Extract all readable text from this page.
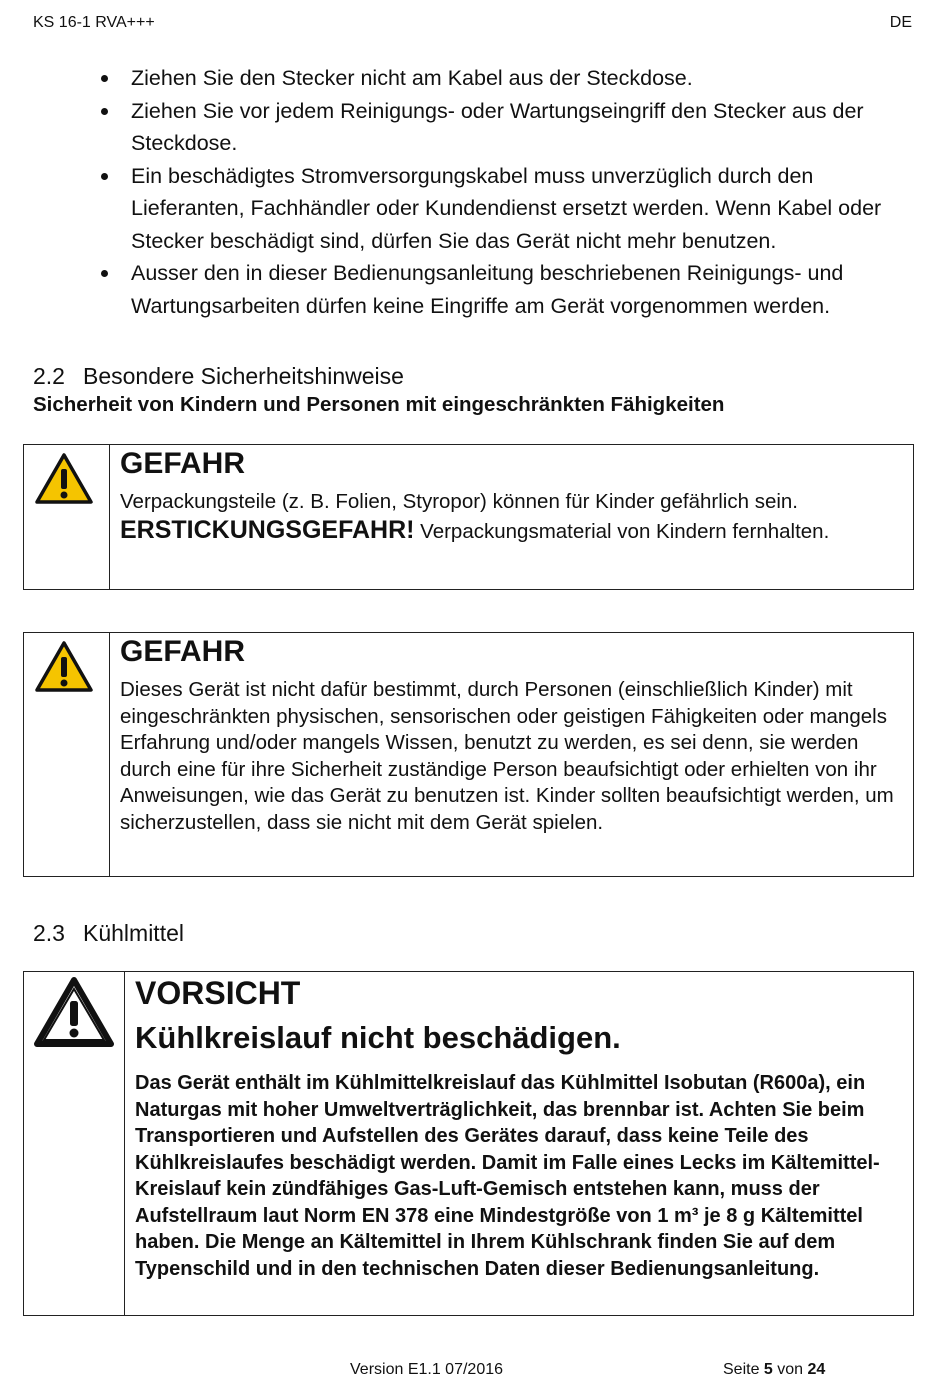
KS 16-1 RVA+++	DE
Ziehen Sie den Stecker nicht am Kabel aus der Steckdose.
Ziehen Sie vor jedem Reinigungs- oder Wartungseingriff den Stecker aus der Steckdose.
Ein beschädigtes Stromversorgungskabel muss unverzüglich durch den Lieferanten, Fachhändler oder Kundendienst ersetzt werden. Wenn Kabel oder Stecker beschädigt sind, dürfen Sie das Gerät nicht mehr benutzen.
Ausser den in dieser Bedienungsanleitung beschriebenen Reinigungs- und Wartungsarbeiten dürfen keine Eingriffe am Gerät vorgenommen werden.
2.2 Besondere Sicherheitshinweise
Sicherheit von Kindern und Personen mit eingeschränkten Fähigkeiten
GEFAHR
Verpackungsteile (z. B. Folien, Styropor) können für Kinder gefährlich sein.
ERSTICKUNGSGEFAHR! Verpackungsmaterial von Kindern fernhalten.
GEFAHR
Dieses Gerät ist nicht dafür bestimmt, durch Personen (einschließlich Kinder) mit eingeschränkten physischen, sensorischen oder geistigen Fähigkeiten oder mangels Erfahrung und/oder mangels Wissen, benutzt zu werden, es sei denn, sie werden durch eine für ihre Sicherheit zuständige Person beaufsichtigt oder erhielten von ihr Anweisungen, wie das Gerät zu benutzen ist. Kinder sollten beaufsichtigt werden, um sicherzustellen, dass sie nicht mit dem Gerät spielen.
2.3 Kühlmittel
VORSICHT
Kühlkreislauf nicht beschädigen.
Das Gerät enthält im Kühlmittelkreislauf das Kühlmittel Isobutan (R600a), ein Naturgas mit hoher Umweltverträglichkeit, das brennbar ist. Achten Sie beim Transportieren und Aufstellen des Gerätes darauf, dass keine Teile des Kühlkreislaufes beschädigt werden. Damit im Falle eines Lecks im Kältemittel-Kreislauf kein zündfähiges Gas-Luft-Gemisch entstehen kann, muss der Aufstellraum laut Norm EN 378 eine Mindestgröße von 1 m³ je 8 g Kältemittel haben. Die Menge an Kältemittel in Ihrem Kühlschrank finden Sie auf dem Typenschild und in den technischen Daten dieser Bedienungsanleitung.
Version E1.1 07/2016	Seite 5 von 24
